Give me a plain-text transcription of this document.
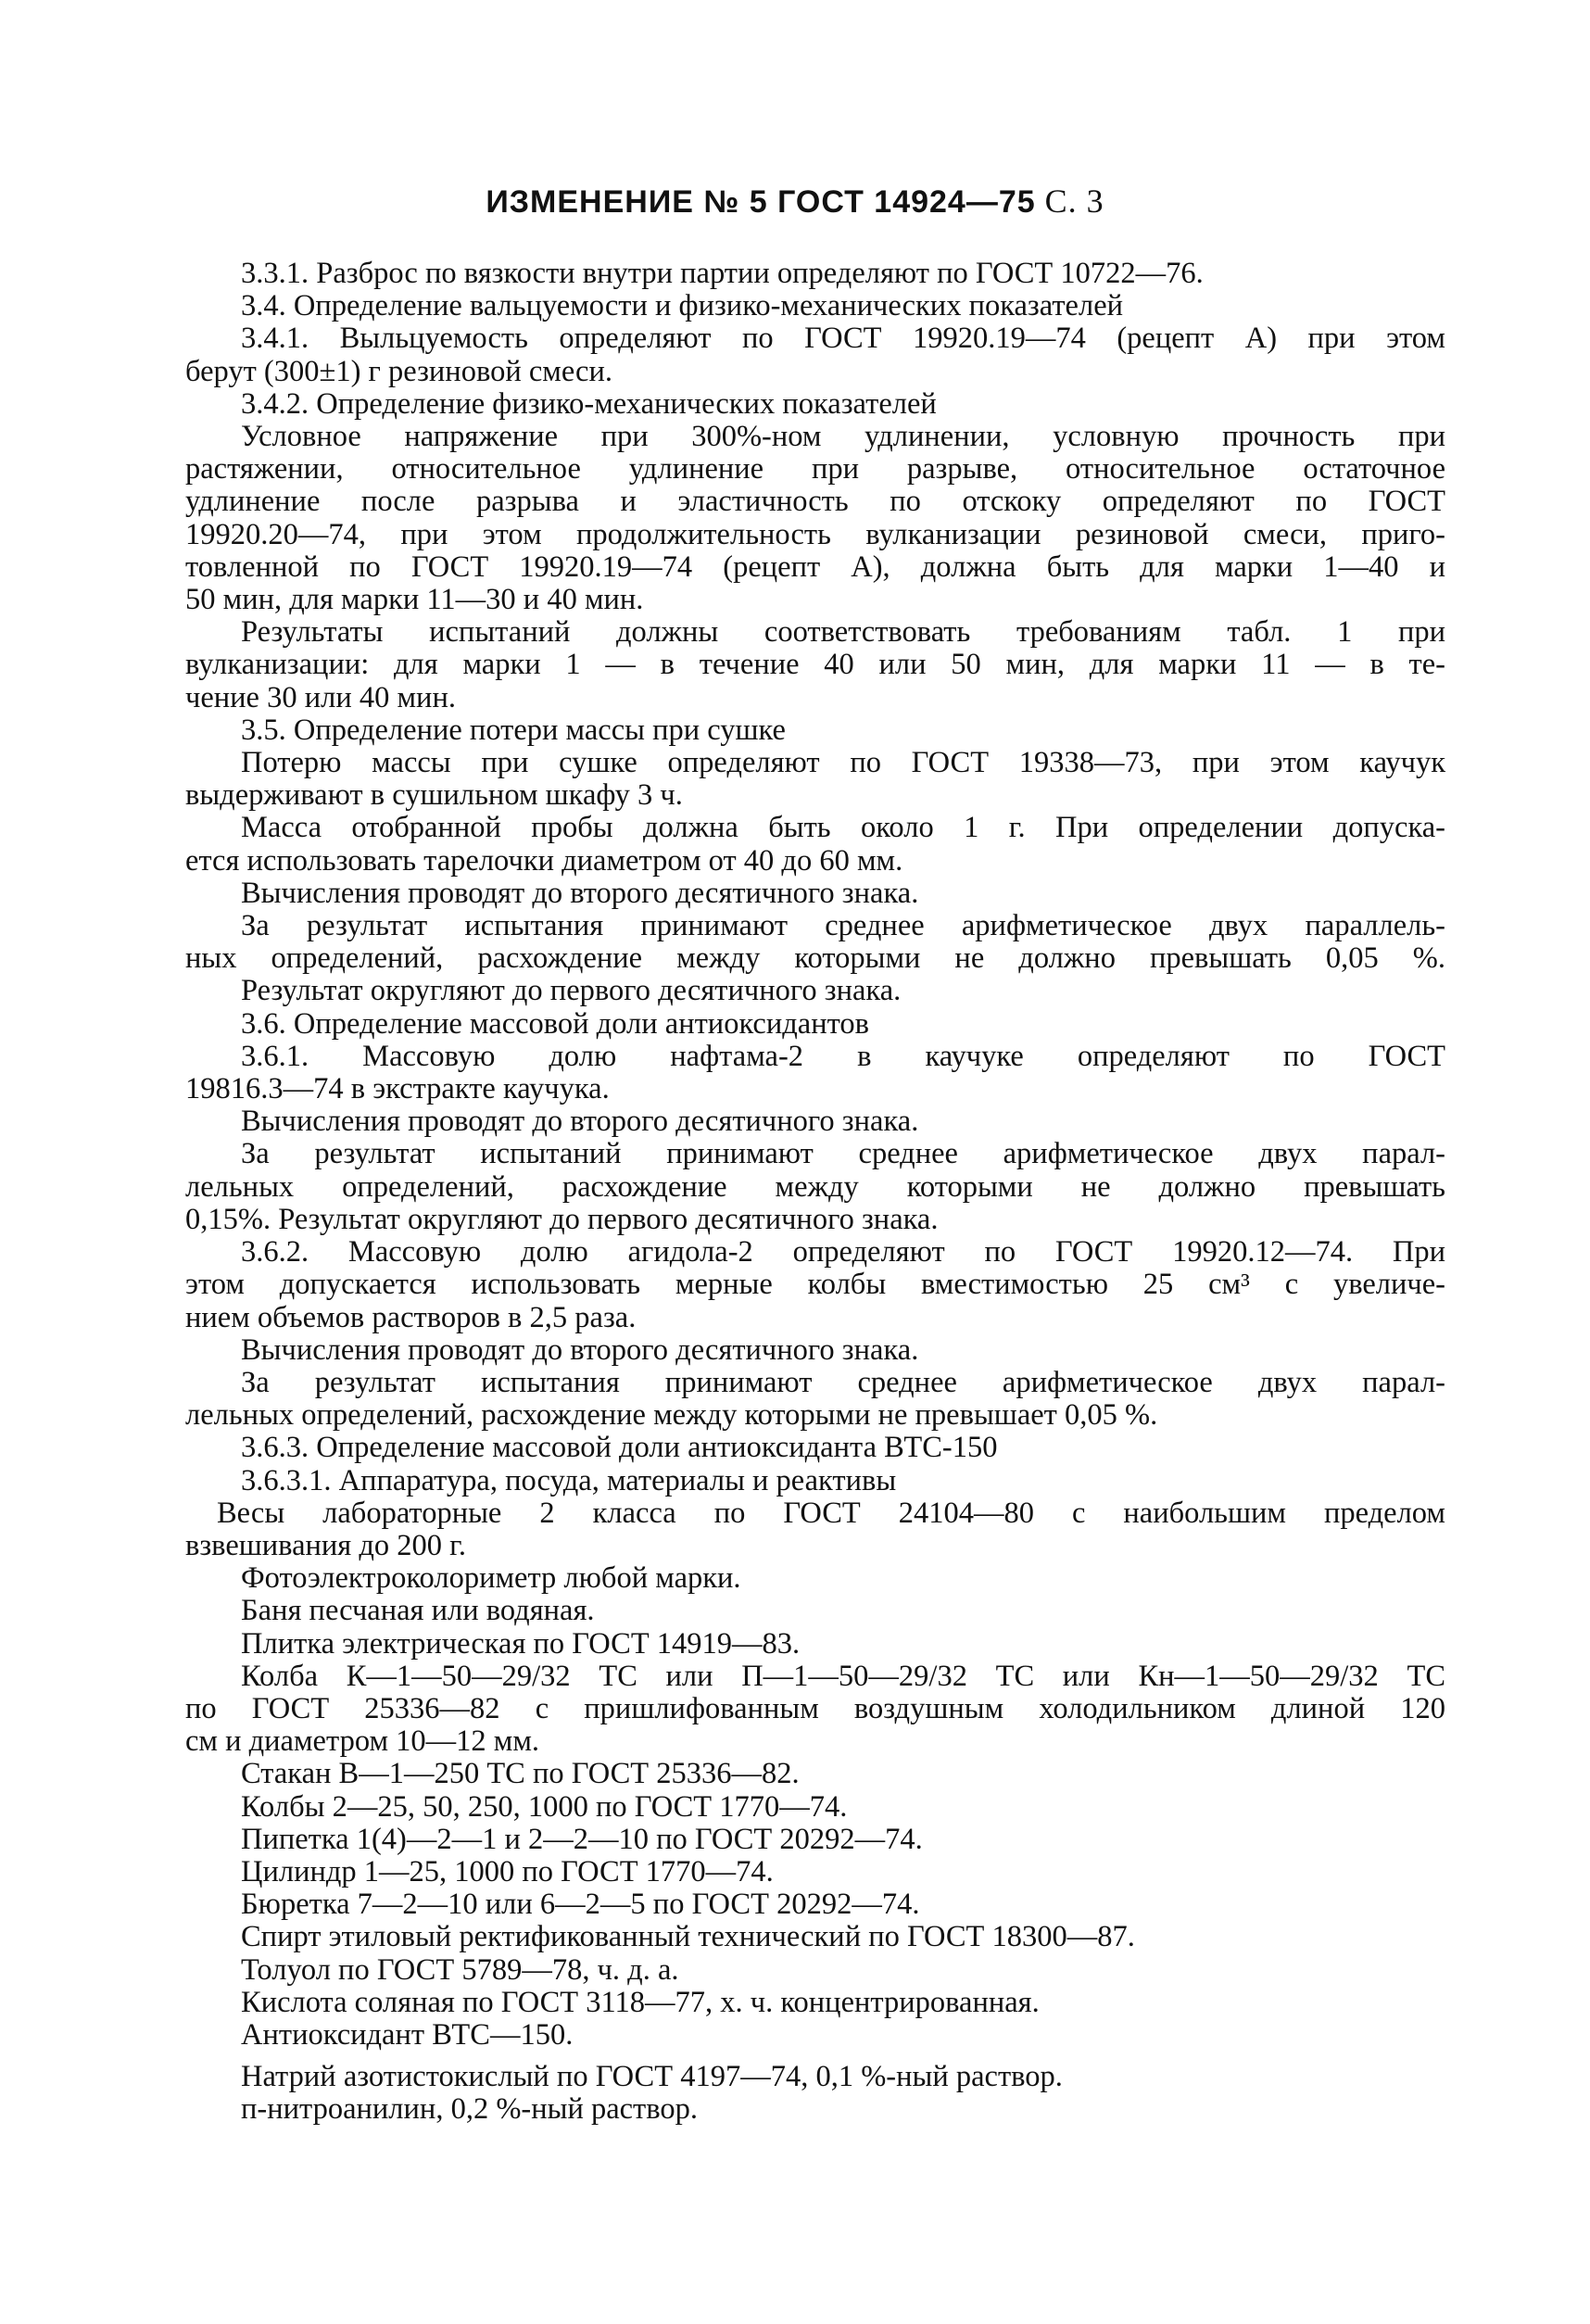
ИЗМЕНЕНИЕ № 5 ГОСТ 14924—75 С. 3

3.3.1. Разброс по вязкости внутри партии определяют по ГОСТ 10722—76.

3.4. Определение вальцуемости и физико-механических показателей

3.4.1. Выльцуемость определяют по ГОСТ 19920.19—74 (рецепт А) при этом

берут (300±1) г резиновой смеси.

3.4.2. Определение физико-механических показателей

Условное напряжение при 300%-ном удлинении, условную прочность при

растяжении, относительное удлинение при разрыве, относительное остаточное

удлинение после разрыва и эластичность по отскоку определяют по ГОСТ

19920.20—74, при этом продолжительность вулканизации резиновой смеси, приго-

товленной по ГОСТ 19920.19—74 (рецепт А), должна быть для марки 1—40 и

50 мин, для марки 11—30 и 40 мин.

Результаты испытаний должны соответствовать требованиям табл. 1 при

вулканизации: для марки 1 — в течение 40 или 50 мин, для марки 11 — в те-

чение 30 или 40 мин.

3.5. Определение потери массы при сушке

Потерю массы при сушке определяют по ГОСТ 19338—73, при этом каучук

выдерживают в сушильном шкафу 3 ч.

Масса отобранной пробы должна быть около 1 г. При определении допуска-

ется использовать тарелочки диаметром от 40 до 60 мм.

Вычисления проводят до второго десятичного знака.

За результат испытания принимают среднее арифметическое двух параллель-

ных определений, расхождение между которыми не должно превышать 0,05 %.

Результат округляют до первого десятичного знака.

3.6. Определение массовой доли антиоксидантов

3.6.1. Массовую долю нафтама-2 в каучуке определяют по ГОСТ

19816.3—74 в экстракте каучука.

Вычисления проводят до второго десятичного знака.

За результат испытаний принимают среднее арифметическое двух парал-

лельных определений, расхождение между которыми не должно превышать

0,15%. Результат округляют до первого десятичного знака.

3.6.2. Массовую долю агидола-2 определяют по ГОСТ 19920.12—74. При

этом допускается использовать мерные колбы вместимостью 25 см³ с увеличе-

нием объемов растворов в 2,5 раза.

Вычисления проводят до второго десятичного знака.

За результат испытания принимают среднее арифметическое двух парал-

лельных определений, расхождение между которыми не превышает 0,05 %.

3.6.3. Определение массовой доли антиоксиданта ВТС-150

3.6.3.1. Аппаратура, посуда, материалы и реактивы

Весы лабораторные 2 класса по ГОСТ 24104—80 с наибольшим пределом

взвешивания до 200 г.

Фотоэлектроколориметр любой марки.

Баня песчаная или водяная.

Плитка электрическая по ГОСТ 14919—83.

Колба К—1—50—29/32 ТС или П—1—50—29/32 ТС или Кн—1—50—29/32 ТС

по ГОСТ 25336—82 с пришлифованным воздушным холодильником длиной 120

см и диаметром 10—12 мм.

Стакан В—1—250 ТС по ГОСТ 25336—82.

Колбы 2—25, 50, 250, 1000 по ГОСТ 1770—74.

Пипетка 1(4)—2—1 и 2—2—10 по ГОСТ 20292—74.

Цилиндр 1—25, 1000 по ГОСТ 1770—74.

Бюретка 7—2—10 или 6—2—5 по ГОСТ 20292—74.

Спирт этиловый ректификованный технический по ГОСТ 18300—87.

Толуол по ГОСТ 5789—78, ч. д. а.

Кислота соляная по ГОСТ 3118—77, х. ч. концентрированная.

Антиоксидант ВТС—150.

Натрий азотистокислый по ГОСТ 4197—74, 0,1 %-ный раствор.

п-нитроанилин, 0,2 %-ный раствор.
